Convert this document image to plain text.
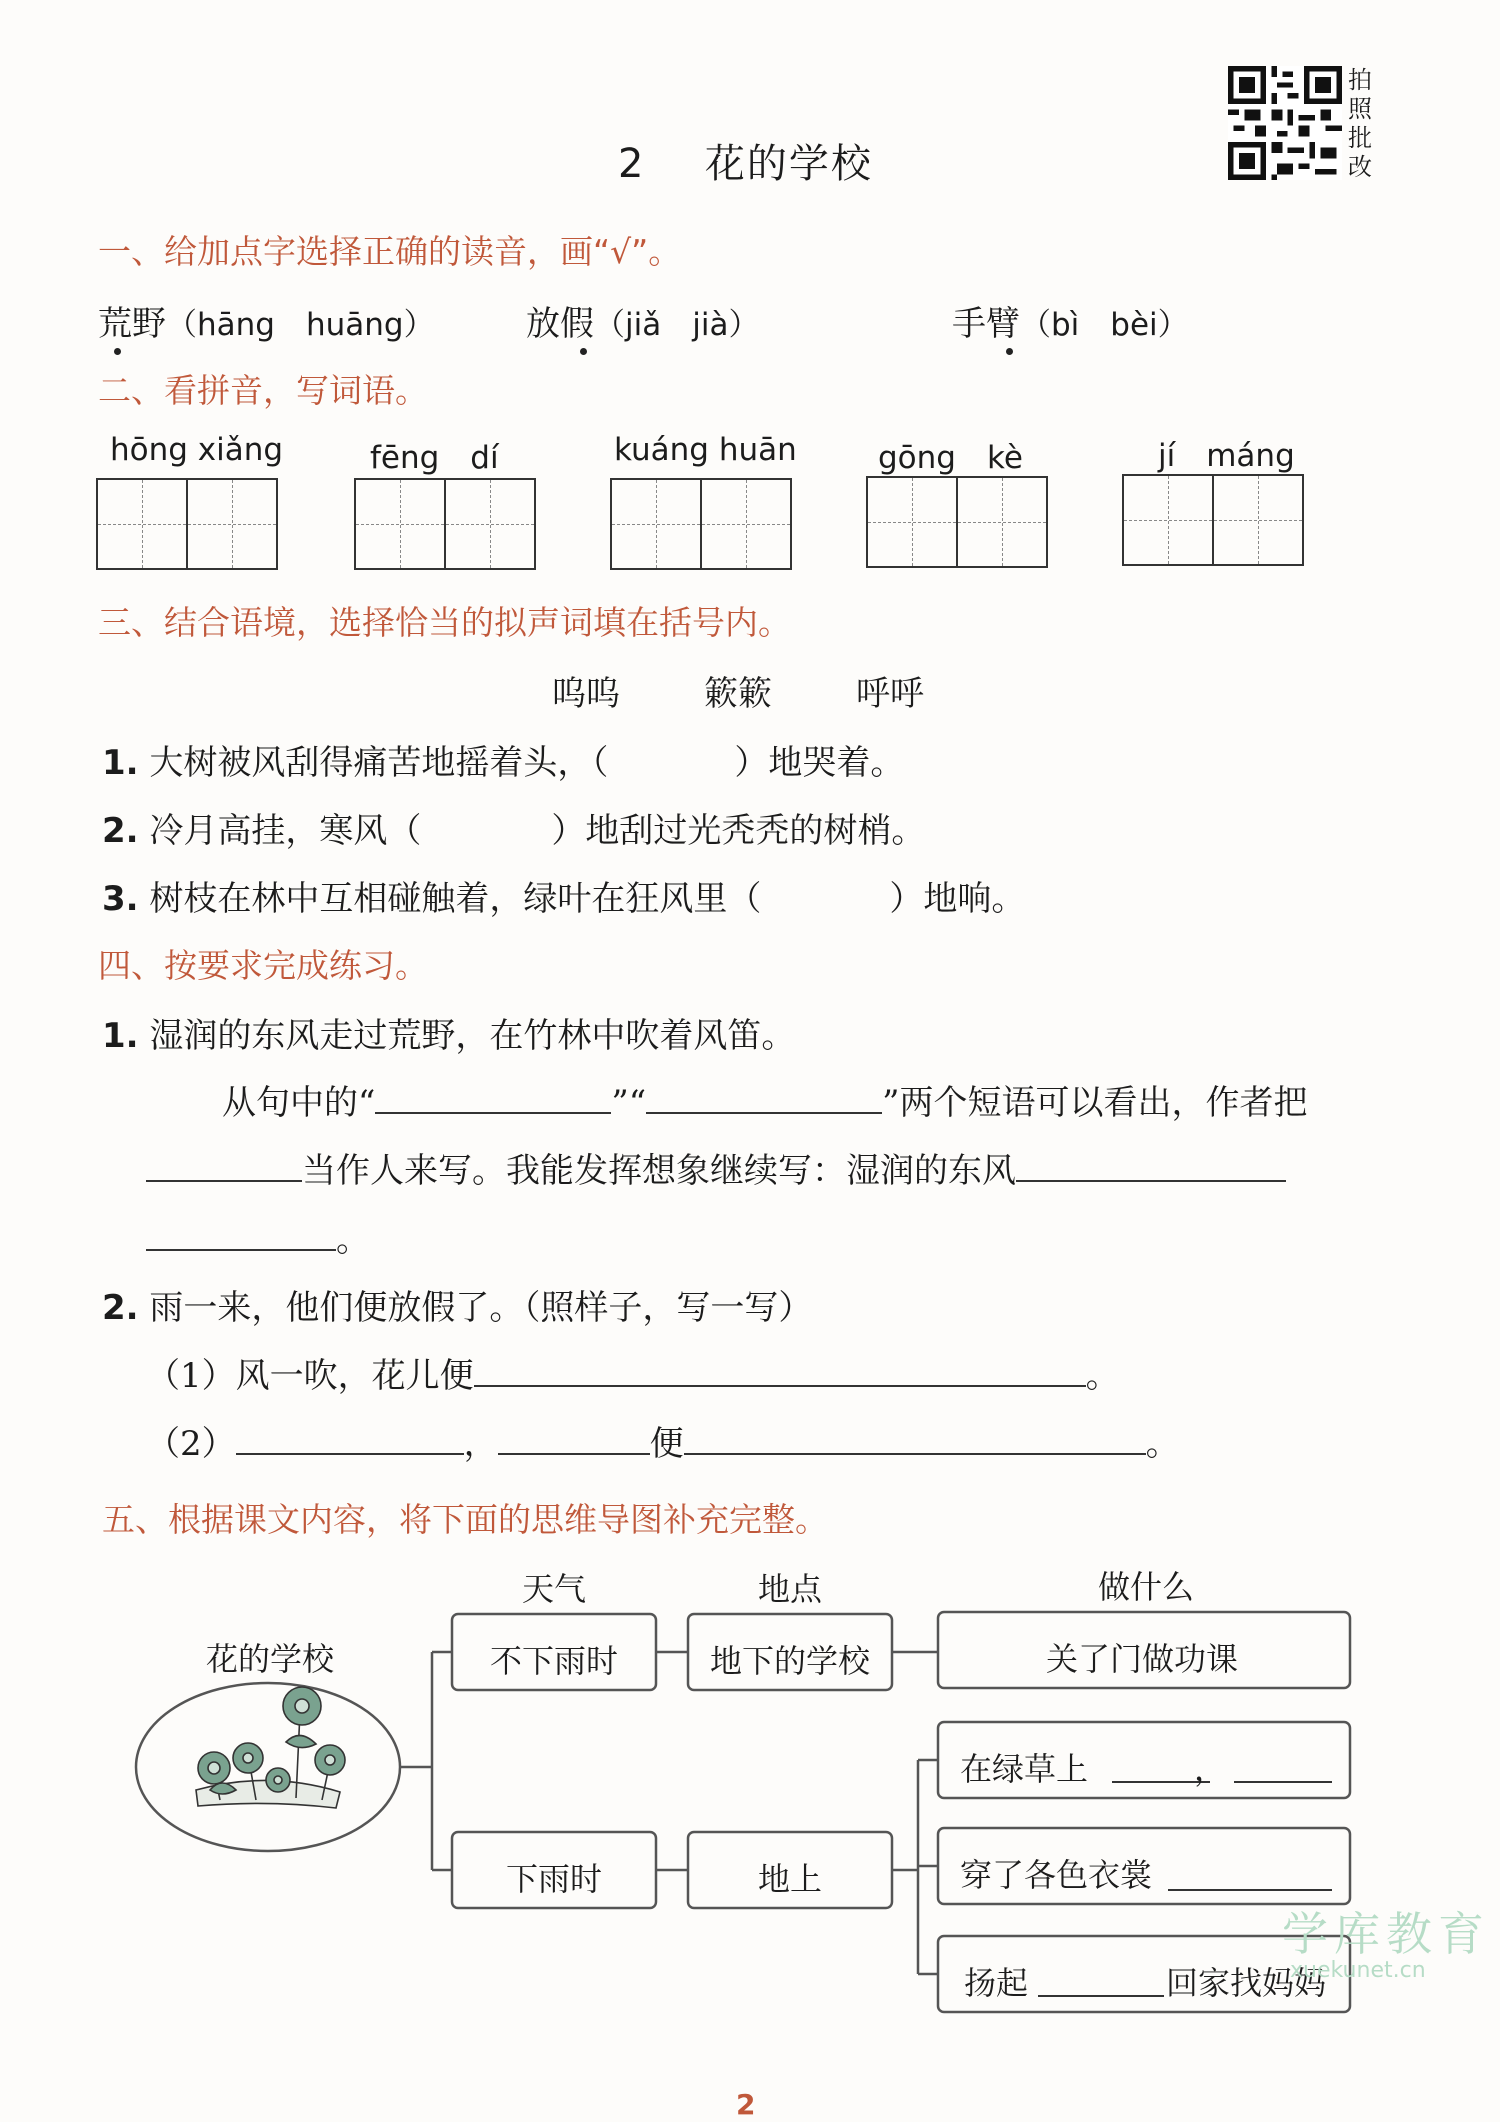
拍
照
批
改
2 花的学校
一、给加点字选择正确的读音，画“√”。
荒野（hāng　huāng）	放假（jiǎ　jià）	手臂（bì　bèi）
二、看拼音，写词语。
hōng xiǎng	fēng　dí	kuáng huān	gōng　kè	jí　máng
三、结合语境，选择恰当的拟声词填在括号内。
呜呜 簌簌 呼呼
1. 大树被风刮得痛苦地摇着头，（	）地哭着。
2. 冷月高挂，寒风（	）地刮过光秃秃的树梢。
3. 树枝在林中互相碰触着，绿叶在狂风里（	）地响。
四、按要求完成练习。
1. 湿润的东风走过荒野，在竹林中吹着风笛。
从句中的“	”“	”两个短语可以看出，作者把
当作人来写。我能发挥想象继续写：湿润的东风
。
2. 雨一来，他们便放假了。（照样子，写一写）
（1）风一吹，花儿便	。
（2）	，	便	。
五、根据课文内容，将下面的思维导图补充完整。
天气	地点	做什么
花的学校	不下雨时
下雨时
地下的学校
地上
关了门做功课
在绿草上	，
穿了各色衣裳
扬起	回家找妈妈
学库教育
xuekunet.cn
2
